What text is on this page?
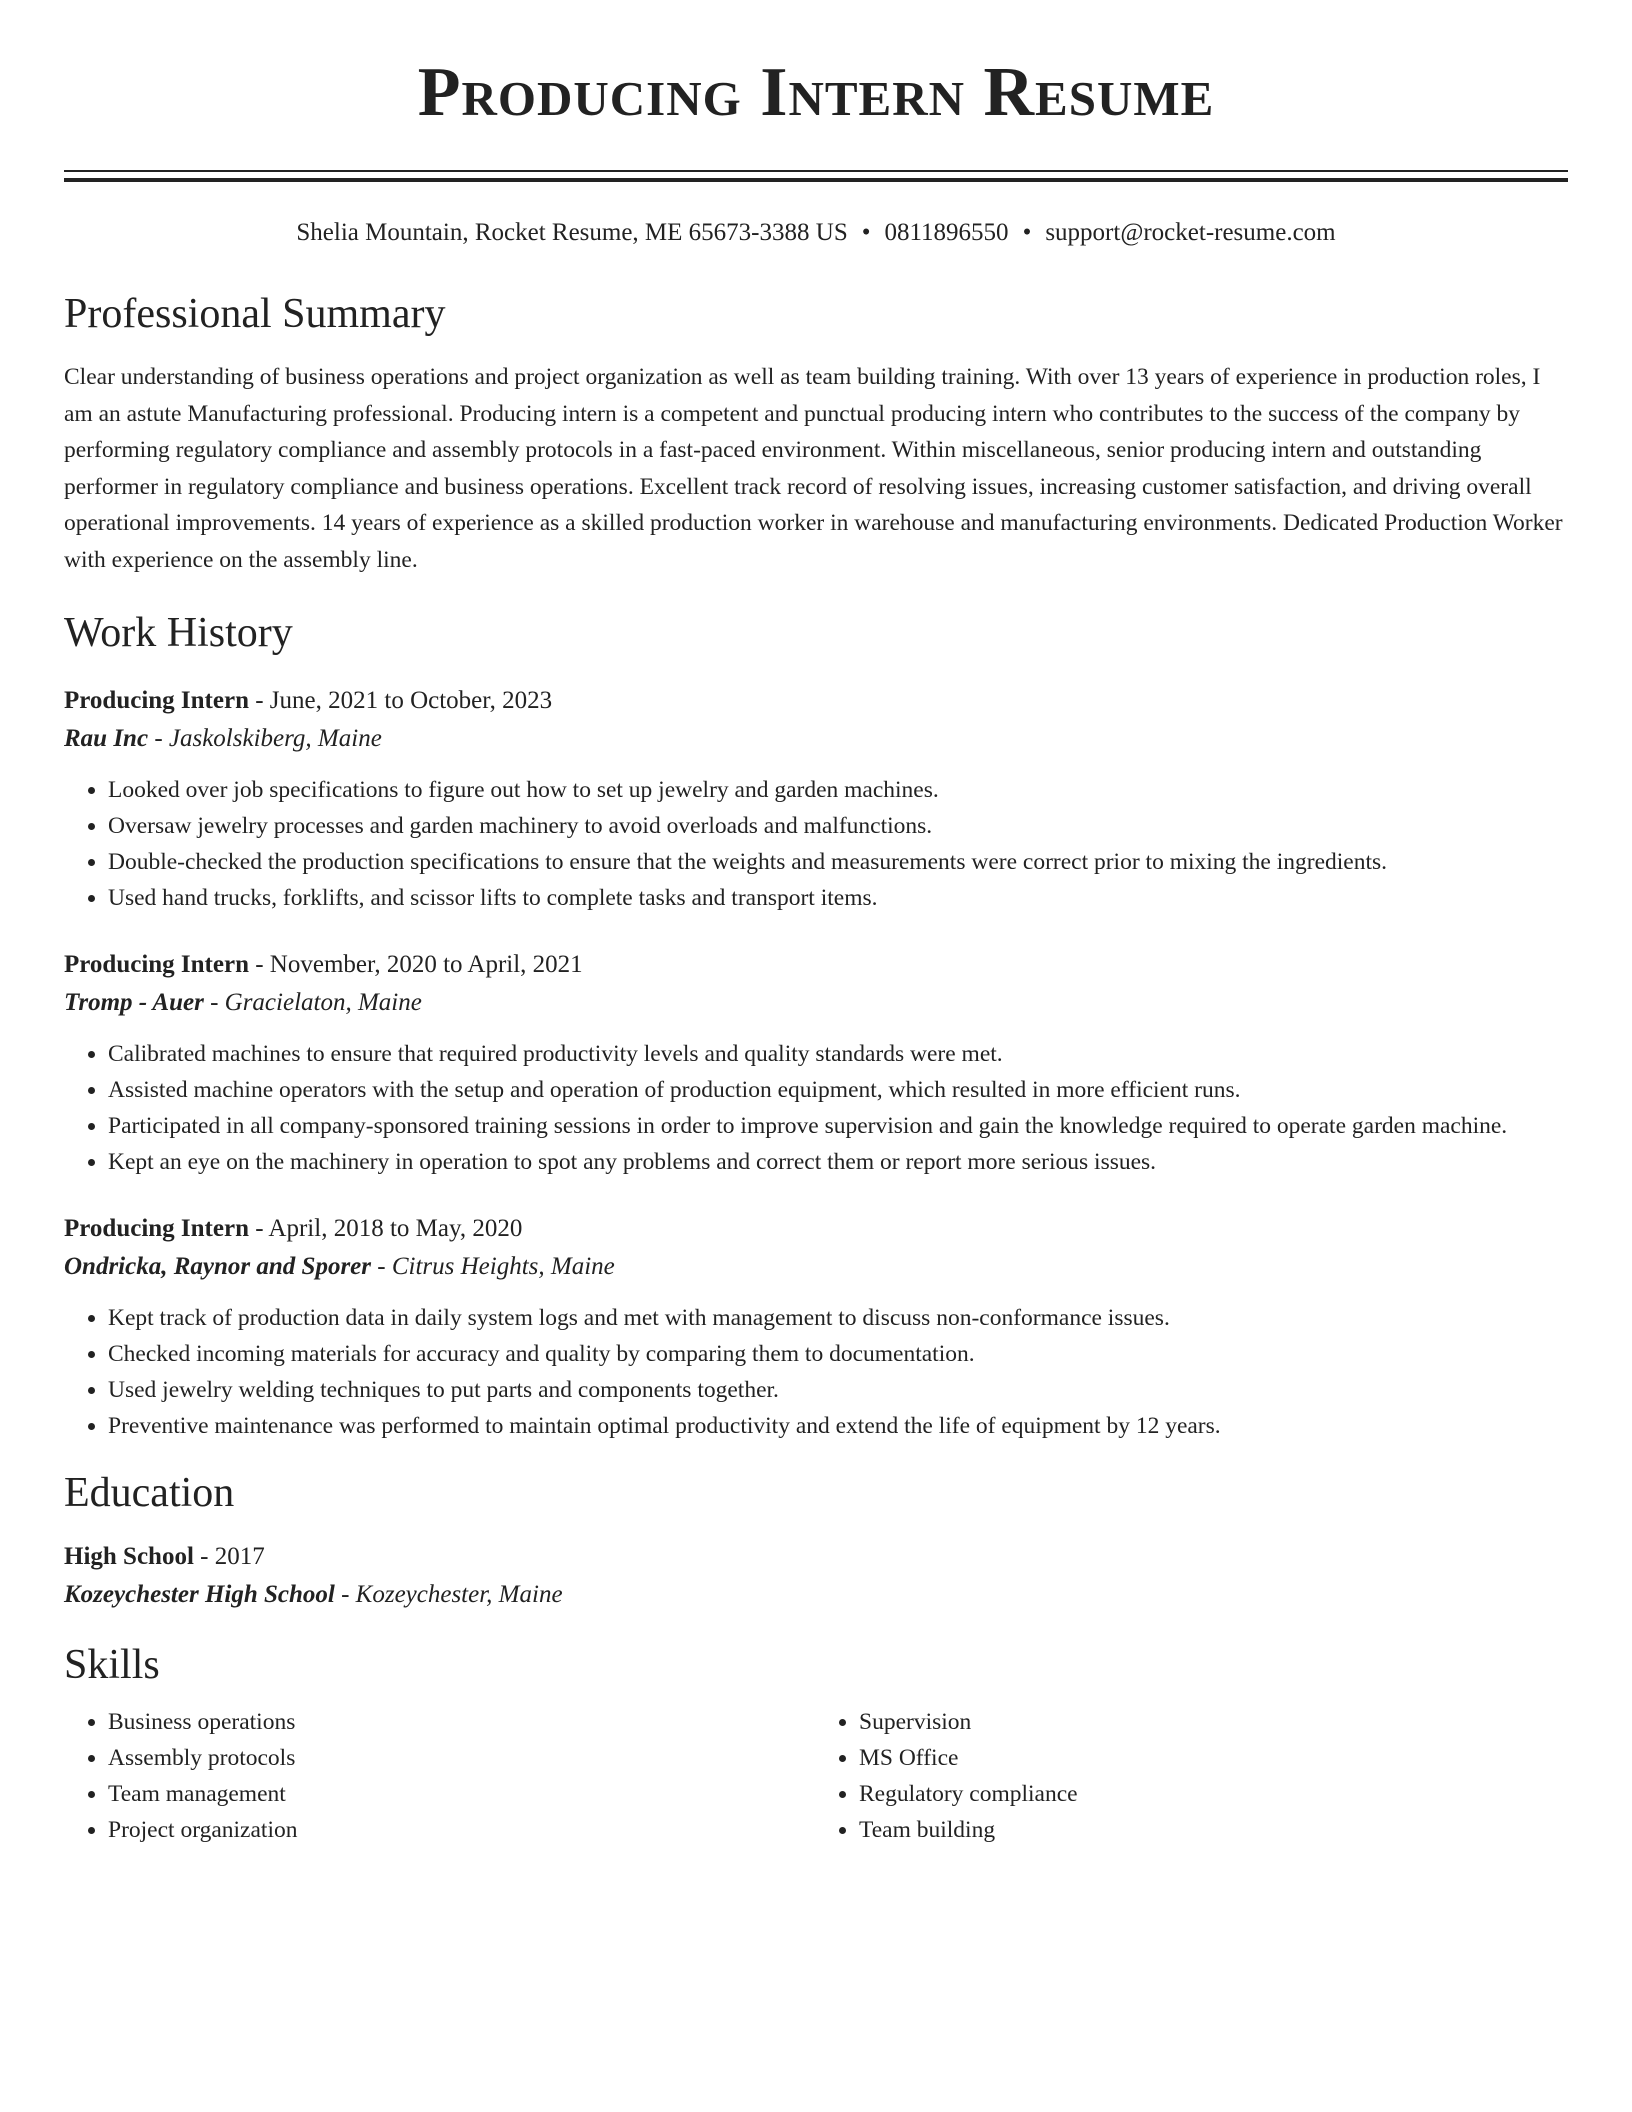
Producing Intern Resume
Shelia Mountain, Rocket Resume, ME 65673-3388 US • 0811896550 • support@rocket-resume.com
Professional Summary

Clear understanding of business operations and project organization as well as team building training. With over 13 years of experience in production roles, I am an astute Manufacturing professional. Producing intern is a competent and punctual producing intern who contributes to the success of the company by performing regulatory compliance and assembly protocols in a fast-paced environment. Within miscellaneous, senior producing intern and outstanding performer in regulatory compliance and business operations. Excellent track record of resolving issues, increasing customer satisfaction, and driving overall operational improvements. 14 years of experience as a skilled production worker in warehouse and manufacturing environments. Dedicated Production Worker with experience on the assembly line.

Work History
Producing Intern - June, 2021 to October, 2023
Rau Inc - Jaskolskiberg, Maine
• Looked over job specifications to figure out how to set up jewelry and garden machines.
• Oversaw jewelry processes and garden machinery to avoid overloads and malfunctions.
• Double-checked the production specifications to ensure that the weights and measurements were correct prior to mixing the ingredients.
• Used hand trucks, forklifts, and scissor lifts to complete tasks and transport items.
Producing Intern - November, 2020 to April, 2021
Tromp - Auer - Gracielaton, Maine
• Calibrated machines to ensure that required productivity levels and quality standards were met.
• Assisted machine operators with the setup and operation of production equipment, which resulted in more efficient runs.
• Participated in all company-sponsored training sessions in order to improve supervision and gain the knowledge required to operate garden machine.
• Kept an eye on the machinery in operation to spot any problems and correct them or report more serious issues.
Producing Intern - April, 2018 to May, 2020
Ondricka, Raynor and Sporer - Citrus Heights, Maine
• Kept track of production data in daily system logs and met with management to discuss non-conformance issues.
• Checked incoming materials for accuracy and quality by comparing them to documentation.
• Used jewelry welding techniques to put parts and components together.
• Preventive maintenance was performed to maintain optimal productivity and extend the life of equipment by 12 years.
Education
High School - 2017
Kozeychester High School - Kozeychester, Maine
Skills
• Business operations
• Assembly protocols
• Team management
• Project organization
• Supervision
• MS Office
• Regulatory compliance
• Team building
